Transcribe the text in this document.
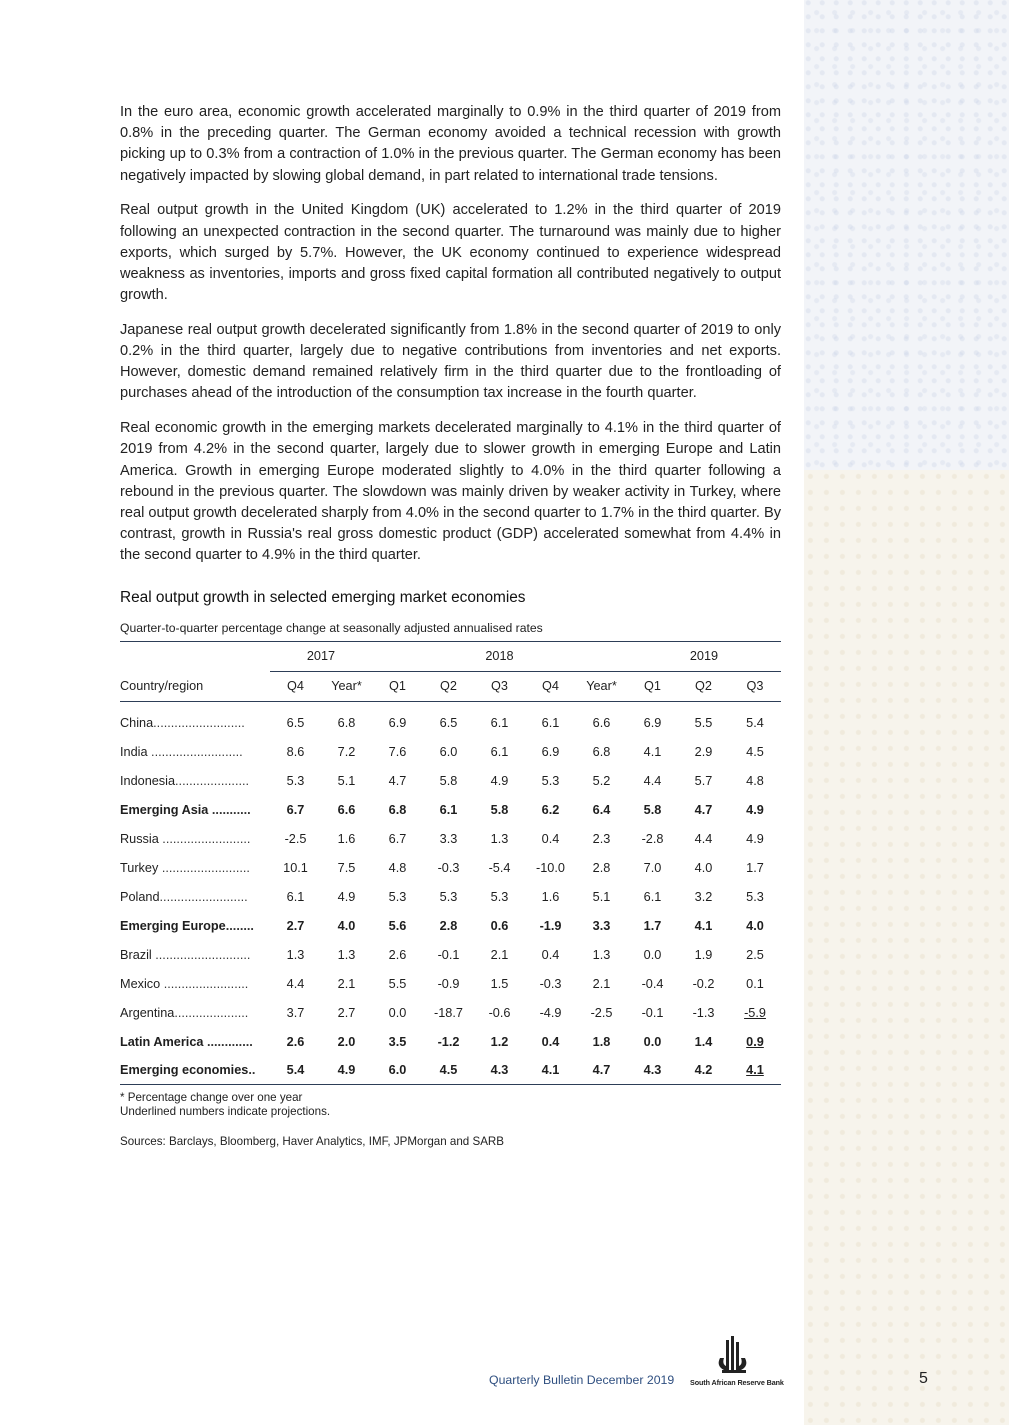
In the euro area, economic growth accelerated marginally to 0.9% in the third quarter of 2019 from 0.8% in the preceding quarter. The German economy avoided a technical recession with growth picking up to 0.3% from a contraction of 1.0% in the previous quarter. The German economy has been negatively impacted by slowing global demand, in part related to international trade tensions.

Real output growth in the United Kingdom (UK) accelerated to 1.2% in the third quarter of 2019 following an unexpected contraction in the second quarter. The turnaround was mainly due to higher exports, which surged by 5.7%. However, the UK economy continued to experience widespread weakness as inventories, imports and gross fixed capital formation all contributed negatively to output growth.

Japanese real output growth decelerated significantly from 1.8% in the second quarter of 2019 to only 0.2% in the third quarter, largely due to negative contributions from inventories and net exports. However, domestic demand remained relatively firm in the third quarter due to the frontloading of purchases ahead of the introduction of the consumption tax increase in the fourth quarter.

Real economic growth in the emerging markets decelerated marginally to 4.1% in the third quarter of 2019 from 4.2% in the second quarter, largely due to slower growth in emerging Europe and Latin America. Growth in emerging Europe moderated slightly to 4.0% in the third quarter following a rebound in the previous quarter. The slowdown was mainly driven by weaker activity in Turkey, where real output growth decelerated sharply from 4.0% in the second quarter to 1.7% in the third quarter. By contrast, growth in Russia's real gross domestic product (GDP) accelerated somewhat from 4.4% in the second quarter to 4.9% in the third quarter.

Real output growth in selected emerging market economies
Quarter-to-quarter percentage change at seasonally adjusted annualised rates
	2017		2018					2019		
Country/region	Q4	Year*	Q1	Q2	Q3	Q4	Year*	Q1	Q2	Q3

China..........................	6.5	6.8	6.9	6.5	6.1	6.1	6.6	6.9	5.5	5.4
India ..........................	8.6	7.2	7.6	6.0	6.1	6.9	6.8	4.1	2.9	4.5
Indonesia.....................	5.3	5.1	4.7	5.8	4.9	5.3	5.2	4.4	5.7	4.8
Emerging Asia ...........	6.7	6.6	6.8	6.1	5.8	6.2	6.4	5.8	4.7	4.9
Russia .........................	-2.5	1.6	6.7	3.3	1.3	0.4	2.3	-2.8	4.4	4.9
Turkey .........................	10.1	7.5	4.8	-0.3	-5.4	-10.0	2.8	7.0	4.0	1.7
Poland.........................	6.1	4.9	5.3	5.3	5.3	1.6	5.1	6.1	3.2	5.3
Emerging Europe........	2.7	4.0	5.6	2.8	0.6	-1.9	3.3	1.7	4.1	4.0
Brazil ...........................	1.3	1.3	2.6	-0.1	2.1	0.4	1.3	0.0	1.9	2.5
Mexico ........................	4.4	2.1	5.5	-0.9	1.5	-0.3	2.1	-0.4	-0.2	0.1
Argentina.....................	3.7	2.7	0.0	-18.7	-0.6	-4.9	-2.5	-0.1	-1.3	-5.9
Latin America .............	2.6	2.0	3.5	-1.2	1.2	0.4	1.8	0.0	1.4	0.9
Emerging economies..	5.4	4.9	6.0	4.5	4.3	4.1	4.7	4.3	4.2	4.1
* Percentage change over one year
Underlined numbers indicate projections.
Sources: Barclays, Bloomberg, Haver Analytics, IMF, JPMorgan and SARB
Quarterly Bulletin December 2019 South African Reserve Bank	5
